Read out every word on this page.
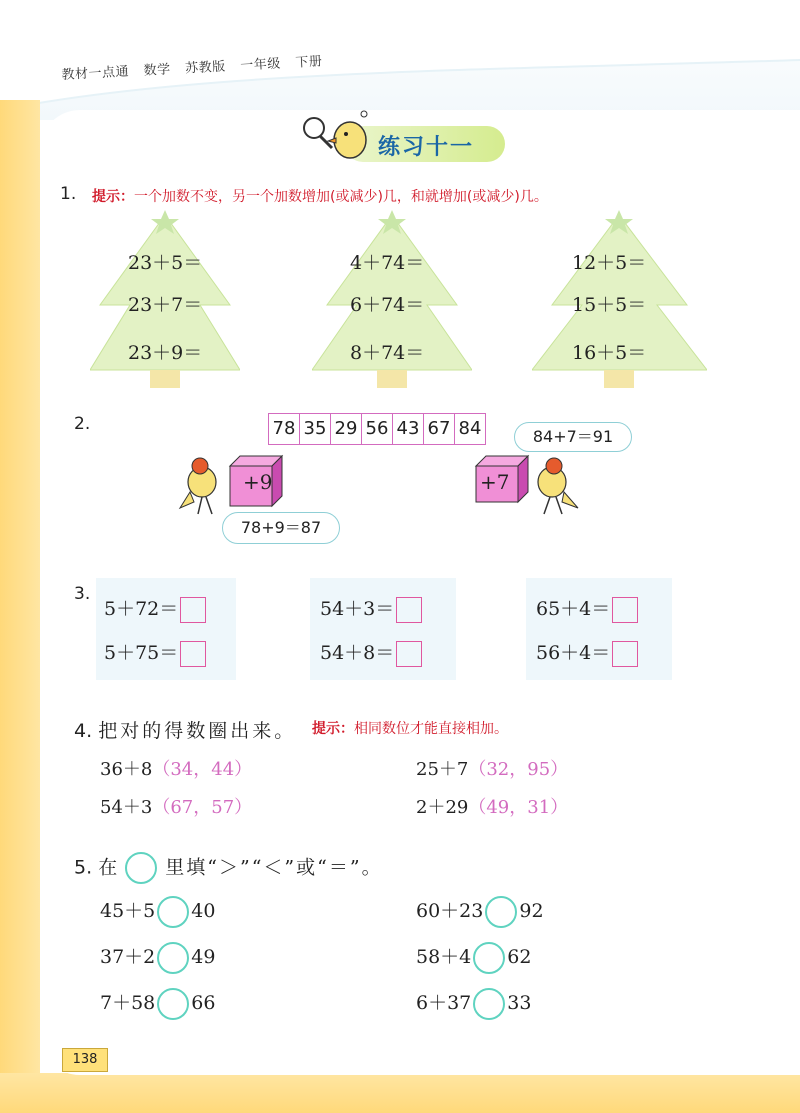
教材一点通 数学 苏教版 一年级 下册
练习十一
1. 提示：一个加数不变，另一个加数增加(或减少)几，和就增加(或减少)几。
23＋5＝
23＋7＝
23＋9＝
4＋74＝
6＋74＝
8＋74＝
12＋5＝
15＋5＝
16＋5＝
2.	78 35 29 56 43 67 84	84+7＝91
78+9＝87
+9	+7
3.
5＋72＝
5＋75＝
54＋3＝
54＋8＝
65＋4＝
56＋4＝
4. 把对的得数圈出来。 提示：相同数位才能直接相加。
36＋8（34，44）	25＋7（32，95）
54＋3（67，57）	2＋29（49，31）
5. 在	里填“＞”“＜”或“＝”。
45＋5 40	60＋23 92
37＋2 49	58＋4 62
7＋58 66	6＋37 33
138
